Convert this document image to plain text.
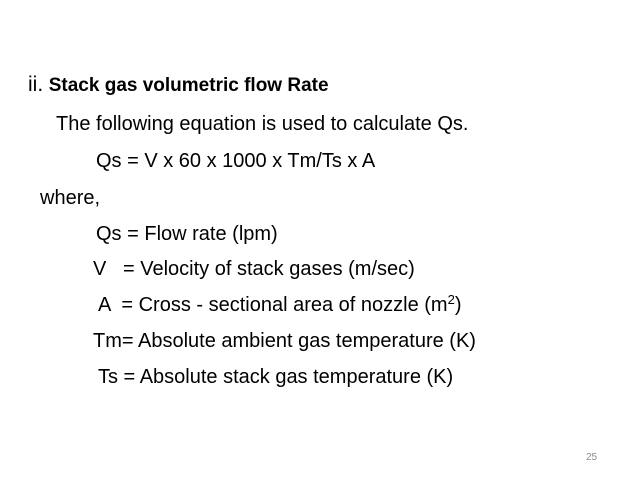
ii. Stack gas volumetric flow Rate
The following equation is used to calculate Qs.
Qs = V x 60 x 1000 x Tm/Ts x A
where,
Qs = Flow rate (lpm)
V   = Velocity of stack gases (m/sec)
A  = Cross - sectional area of nozzle $(m^2)$
Tm= Absolute ambient gas temperature (K)
Ts = Absolute stack gas temperature (K)
25
